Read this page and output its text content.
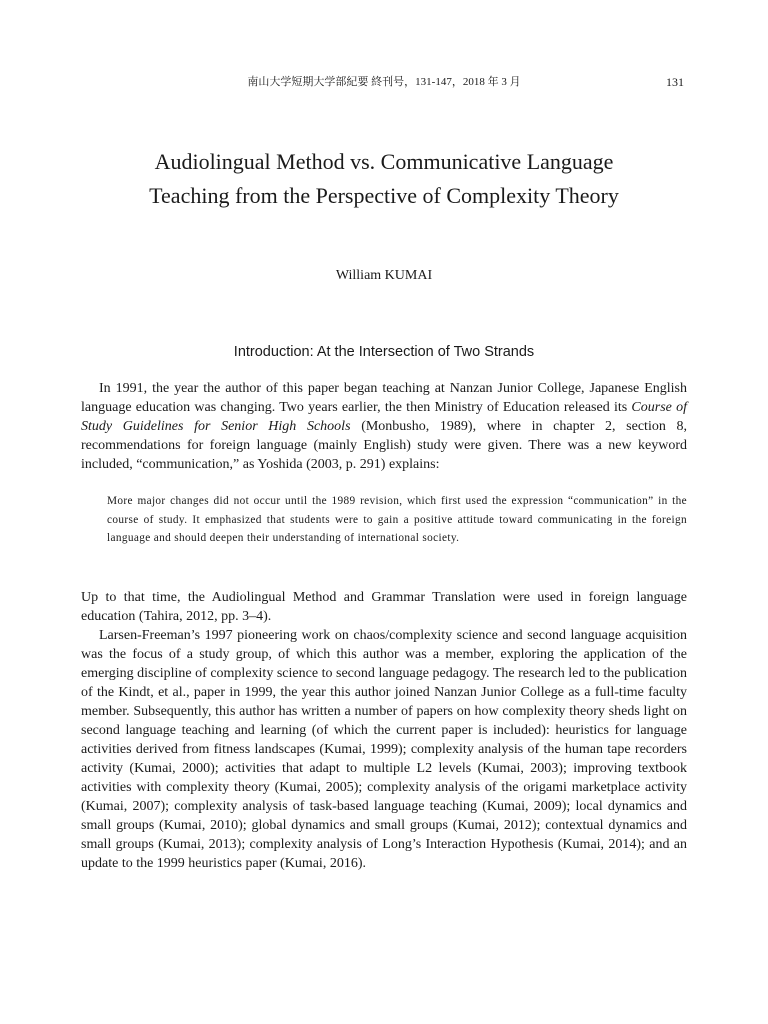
南山大学短期大学部紀要 終刊号，131-147，2018 年 3 月	131
Audiolingual Method vs. Communicative Language
Teaching from the Perspective of Complexity Theory
William KUMAI
Introduction: At the Intersection of Two Strands

In 1991, the year the author of this paper began teaching at Nanzan Junior College, Japanese English language education was changing. Two years earlier, the then Ministry of Education released its Course of Study Guidelines for Senior High Schools (Monbusho, 1989), where in chapter 2, section 8, recommendations for foreign language (mainly English) study were given. There was a new keyword included, “communication,” as Yoshida (2003, p. 291) explains:

More major changes did not occur until the 1989 revision, which first used the expression “communication” in the course of study. It emphasized that students were to gain a positive attitude toward communicating in the foreign language and should deepen their understanding of international society.

Up to that time, the Audiolingual Method and Grammar Translation were used in foreign language education (Tahira, 2012, pp. 3–4).

Larsen-Freeman’s 1997 pioneering work on chaos/complexity science and second language acquisition was the focus of a study group, of which this author was a member, exploring the application of the emerging discipline of complexity science to second language pedagogy. The research led to the publication of the Kindt, et al., paper in 1999, the year this author joined Nanzan Junior College as a full-time faculty member. Subsequently, this author has written a number of papers on how complexity theory sheds light on second language teaching and learning (of which the current paper is included): heuristics for language activities derived from fitness landscapes (Kumai, 1999); complexity analysis of the human tape recorders activity (Kumai, 2000); activities that adapt to multiple L2 levels (Kumai, 2003); improving textbook activities with complexity theory (Kumai, 2005); complexity analysis of the origami marketplace activity (Kumai, 2007); complexity analysis of task-based language teaching (Kumai, 2009); local dynamics and small groups (Kumai, 2010); global dynamics and small groups (Kumai, 2012); contextual dynamics and small groups (Kumai, 2013); complexity analysis of Long’s Interaction Hypothesis (Kumai, 2014); and an update to the 1999 heuristics paper (Kumai, 2016).
